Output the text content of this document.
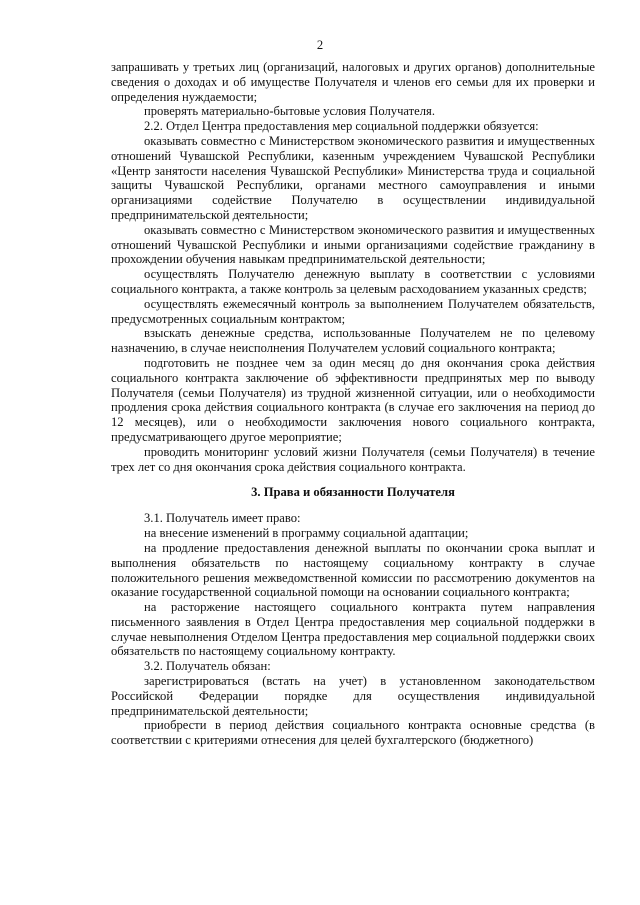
2

запрашивать у третьих лиц (организаций, налоговых и других органов) дополнительные сведения о доходах и об имуществе Получателя и членов его семьи для их проверки и определения нуждаемости;

проверять материально-бытовые условия Получателя.

2.2. Отдел Центра предоставления мер социальной поддержки обязуется:

оказывать совместно с Министерством экономического развития и имущественных отношений Чувашской Республики, казенным учреждением Чувашской Республики «Центр занятости населения Чувашской Республики» Министерства труда и социальной защиты Чувашской Республики, органами местного самоуправления и иными организациями содействие Получателю в осуществлении индивидуальной предпринимательской деятельности;

оказывать совместно с Министерством экономического развития и имущественных отношений Чувашской Республики и иными организациями содействие гражданину в прохождении обучения навыкам предпринимательской деятельности;

осуществлять Получателю денежную выплату в соответствии с условиями социального контракта, а также контроль за целевым расходованием указанных средств;

осуществлять ежемесячный контроль за выполнением Получателем обязательств, предусмотренных социальным контрактом;

взыскать денежные средства, использованные Получателем не по целевому назначению, в случае неисполнения Получателем условий социального контракта;

подготовить не позднее чем за один месяц до дня окончания срока действия социального контракта заключение об эффективности предпринятых мер по выводу Получателя (семьи Получателя) из трудной жизненной ситуации, или о необходимости продления срока действия социального контракта (в случае его заключения на период до 12 месяцев), или о необходимости заключения нового социального контракта, предусматривающего другое мероприятие;

проводить мониторинг условий жизни Получателя (семьи Получателя) в течение трех лет со дня окончания срока действия социального контракта.

3. Права и обязанности Получателя

3.1. Получатель имеет право:

на внесение изменений в программу социальной адаптации;

на продление предоставления денежной выплаты по окончании срока выплат и выполнения обязательств по настоящему социальному контракту в случае положительного решения межведомственной комиссии по рассмотрению документов на оказание государственной социальной помощи на основании социального контракта;

на расторжение настоящего социального контракта путем направления письменного заявления в Отдел Центра предоставления мер социальной поддержки в случае невыполнения Отделом Центра предоставления мер социальной поддержки своих обязательств по настоящему социальному контракту.

3.2. Получатель обязан:

зарегистрироваться (встать на учет) в установленном законодательством Российской Федерации порядке для осуществления индивидуальной предпринимательской деятельности;

приобрести в период действия социального контракта основные средства (в соответствии с критериями отнесения для целей бухгалтерского (бюджетного)
